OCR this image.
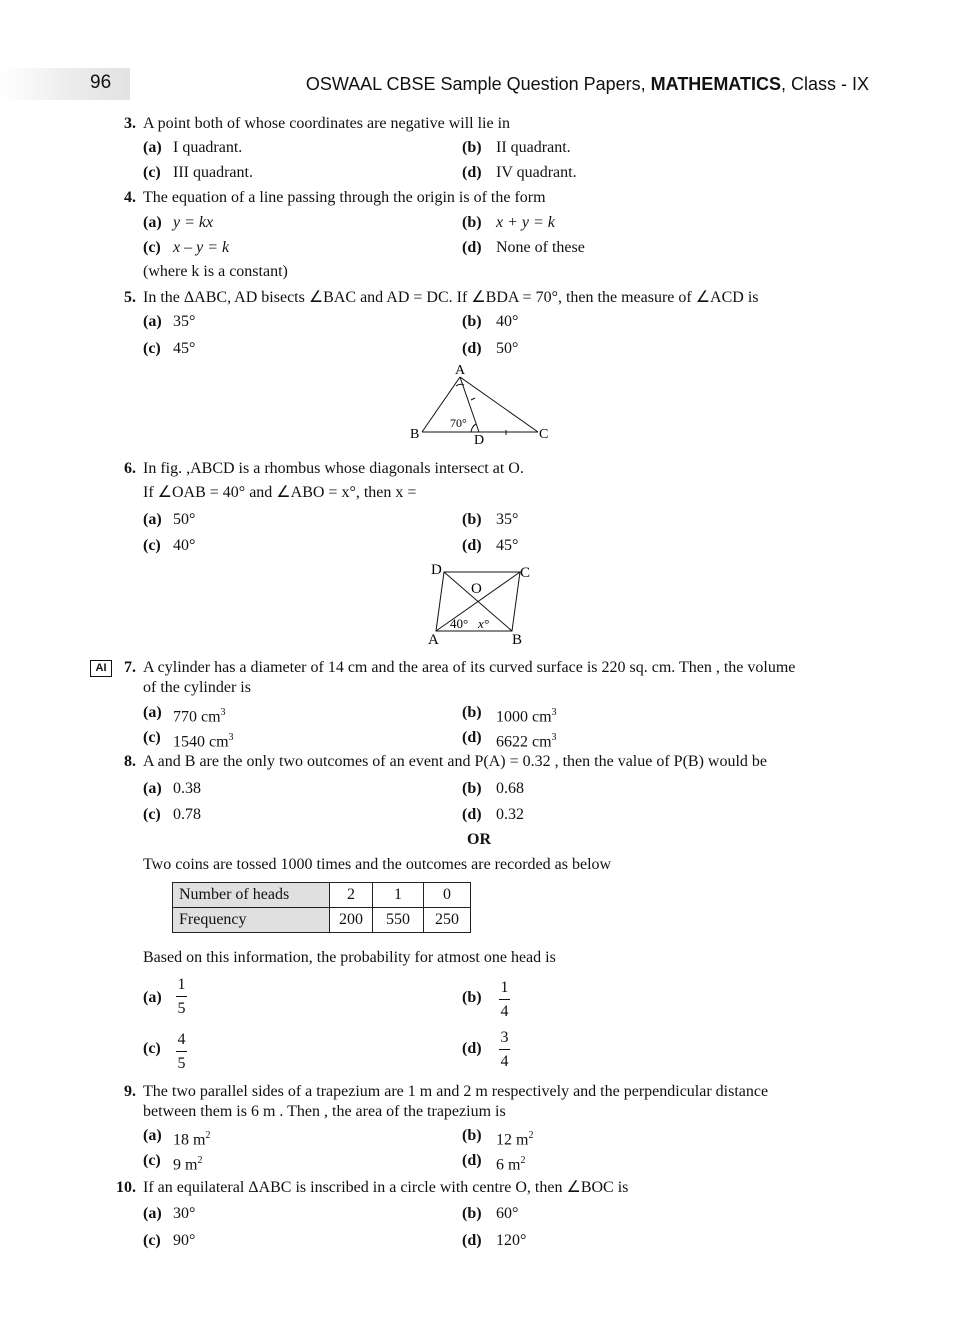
96	OSWAAL CBSE Sample Question Papers, MATHEMATICS, Class - IX
3. A point both of whose coordinates are negative will lie in
(a) I quadrant.	(b) II quadrant.
(c) III quadrant.	(d) IV quadrant.
4. The equation of a line passing through the origin is of the form
(a) y = kx	(b) x + y = k
(c) x – y = k	(d) None of these
(where k is a constant)
5. In the ΔABC, AD bisects ∠BAC and AD = DC. If ∠BDA = 70°, then the measure of ∠ACD is
(a) 35°	(b) 40°
(c) 45°	(d) 50°
A
B	C
D
70°
6. In fig. ,ABCD is a rhombus whose diagonals intersect at O.
If ∠OAB = 40° and ∠ABO = x°, then x =
(a) 50°	(b) 35°
(c) 40°	(d) 45°
D	C
O
A	B
40° x°
AI	7. A cylinder has a diameter of 14 cm and the area of its curved surface is 220 sq. cm. Then , the volume
of the cylinder is
(a) 770 $cm^3$	(b) 1000 $cm^3$
(c) 1540 $cm^3$	(d) 6622 $cm^3$
8. A and B are the only two outcomes of an event and P(A) = 0.32 , then the value of P(B) would be
(a) 0.38	(b) 0.68
(c) 0.78	(d) 0.32
OR
Two coins are tossed 1000 times and the outcomes are recorded as below
Number of heads	2	1	0
Frequency	200	550	250
Based on this information, the probability for atmost one head is
(a)
1
5
(b)
1
4
(c)
4
5
(d)
3
4
9. The two parallel sides of a trapezium are 1 m and 2 m respectively and the perpendicular distance
between them is 6 m . Then , the area of the trapezium is
(a) 18 $m^2$	(b) 12 $m^2$
(c) 9 $m^2$	(d) 6 $m^2$
10. If an equilateral ΔABC is inscribed in a circle with centre O, then ∠BOC is
(a) 30°	(b) 60°
(c) 90°	(d) 120°
